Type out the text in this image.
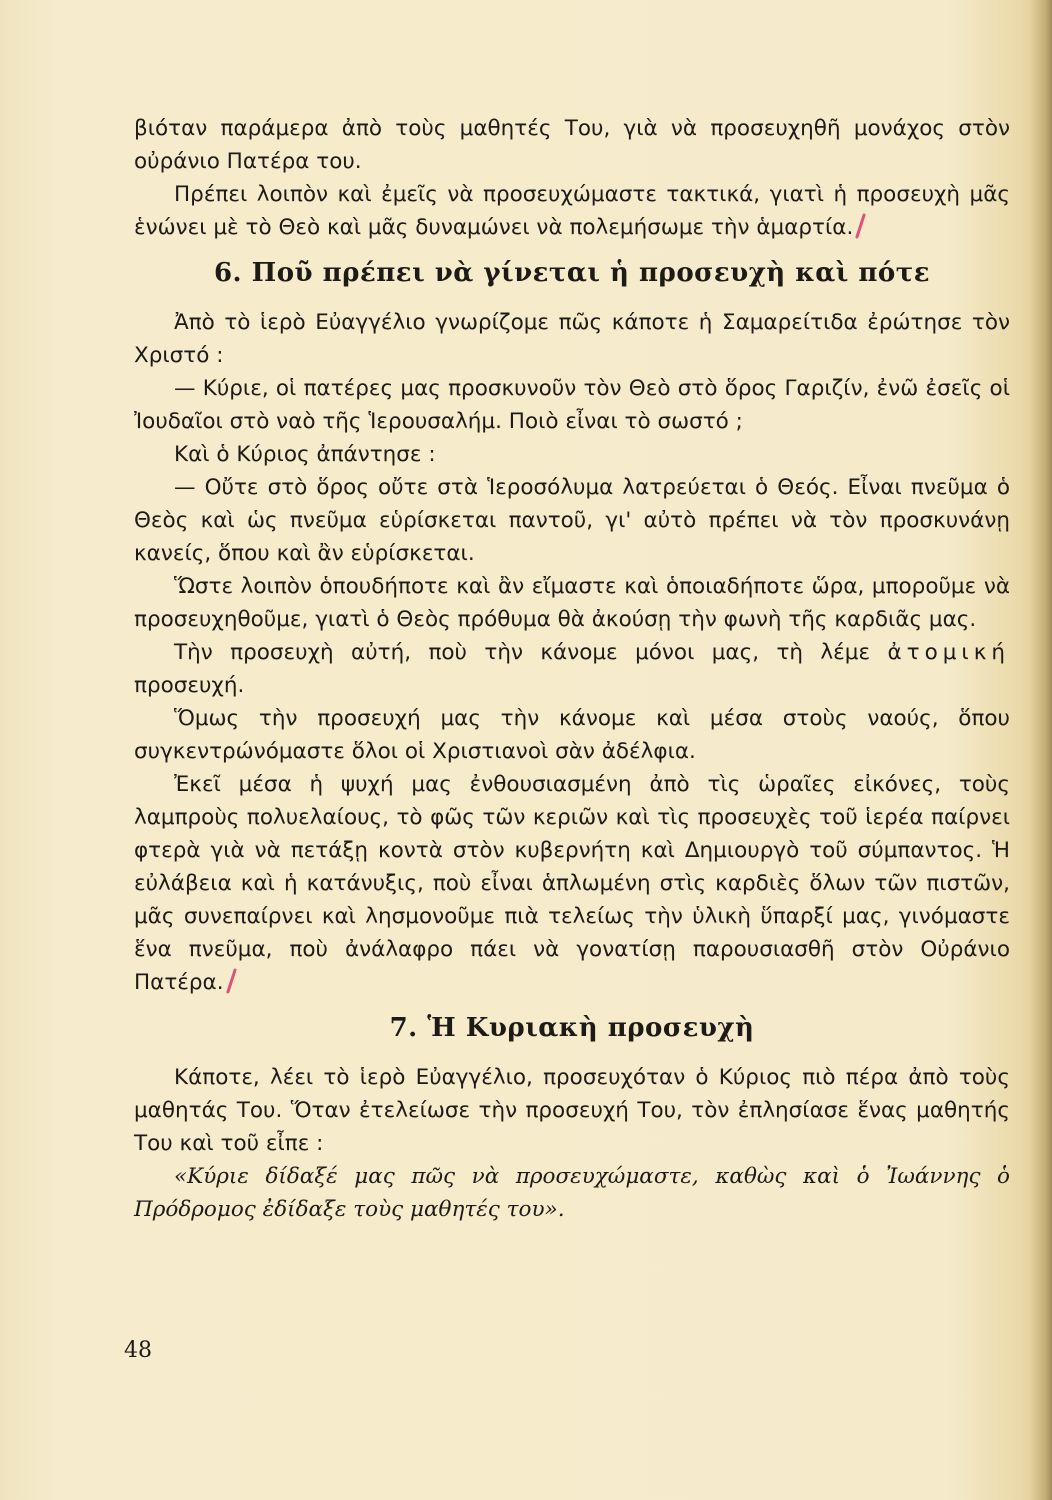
βιόταν παράμερα ἀπὸ τοὺς μαθητές Του, γιὰ νὰ προσευχηθῆ μονάχος στὸν οὐράνιο Πατέρα του.

Πρέπει λοιπὸν καὶ ἐμεῖς νὰ προσευχώμαστε τακτικά, γιατὶ ἡ προσευχὴ μᾶς ἑνώνει μὲ τὸ Θεὸ καὶ μᾶς δυναμώνει νὰ πολεμήσωμε τὴν ἁμαρτία.

6. Ποῦ πρέπει νὰ γίνεται ἡ προσευχὴ καὶ πότε

Ἀπὸ τὸ ἱερὸ Εὐαγγέλιο γνωρίζομε πῶς κάποτε ἡ Σαμαρείτιδα ἐρώτησε τὸν Χριστό :

— Κύριε, οἱ πατέρες μας προσκυνοῦν τὸν Θεὸ στὸ ὅρος Γαριζίν, ἐνῶ ἐσεῖς οἱ Ἰουδαῖοι στὸ ναὸ τῆς Ἱερουσαλήμ. Ποιὸ εἶναι τὸ σωστό ;

Καὶ ὁ Κύριος ἀπάντησε :

— Οὔτε στὸ ὅρος οὔτε στὰ Ἱεροσόλυμα λατρεύεται ὁ Θεός. Εἶναι πνεῦμα ὁ Θεὸς καὶ ὡς πνεῦμα εὑρίσκεται παντοῦ, γι' αὐτὸ πρέπει νὰ τὸν προσκυνάνῃ κανείς, ὅπου καὶ ἂν εὑρίσκεται.

Ὥστε λοιπὸν ὁπουδήποτε καὶ ἂν εἴμαστε καὶ ὁποιαδήποτε ὥρα, μποροῦμε νὰ προσευχηθοῦμε, γιατὶ ὁ Θεὸς πρόθυμα θὰ ἀκούσῃ τὴν φωνὴ τῆς καρδιᾶς μας.

Τὴν προσευχὴ αὐτή, ποὺ τὴν κάνομε μόνοι μας, τὴ λέμε ἀτομική προσευχή.

Ὅμως τὴν προσευχή μας τὴν κάνομε καὶ μέσα στοὺς ναούς, ὅπου συγκεντρώνόμαστε ὅλοι οἱ Χριστιανοὶ σὰν ἀδέλφια.

Ἐκεῖ μέσα ἡ ψυχή μας ἐνθουσιασμένη ἀπὸ τὶς ὡραῖες εἰκόνες, τοὺς λαμπροὺς πολυελαίους, τὸ φῶς τῶν κεριῶν καὶ τὶς προσευχὲς τοῦ ἱερέα παίρνει φτερὰ γιὰ νὰ πετάξῃ κοντὰ στὸν κυβερνήτη καὶ Δημιουργὸ τοῦ σύμπαντος. Ἡ εὐλάβεια καὶ ἡ κατάνυξις, ποὺ εἶναι ἁπλωμένη στὶς καρδιὲς ὅλων τῶν πιστῶν, μᾶς συνεπαίρνει καὶ λησμονοῦμε πιὰ τελείως τὴν ὑλικὴ ὕπαρξί μας, γινόμαστε ἕνα πνεῦμα, ποὺ ἀνάλαφρο πάει νὰ γονατίσῃ παρουσιασθῆ στὸν Οὐράνιο Πατέρα.

7. Ἡ Κυριακὴ προσευχὴ

Κάποτε, λέει τὸ ἱερὸ Εὐαγγέλιο, προσευχόταν ὁ Κύριος πιὸ πέρα ἀπὸ τοὺς μαθητάς Του. Ὅταν ἐτελείωσε τὴν προσευχή Του, τὸν ἐπλησίασε ἕνας μαθητής Του καὶ τοῦ εἶπε :

«Κύριε δίδαξέ μας πῶς νὰ προσευχώμαστε, καθὼς καὶ ὁ Ἰωάννης ὁ Πρόδρομος ἐδίδαξε τοὺς μαθητές του».

48
